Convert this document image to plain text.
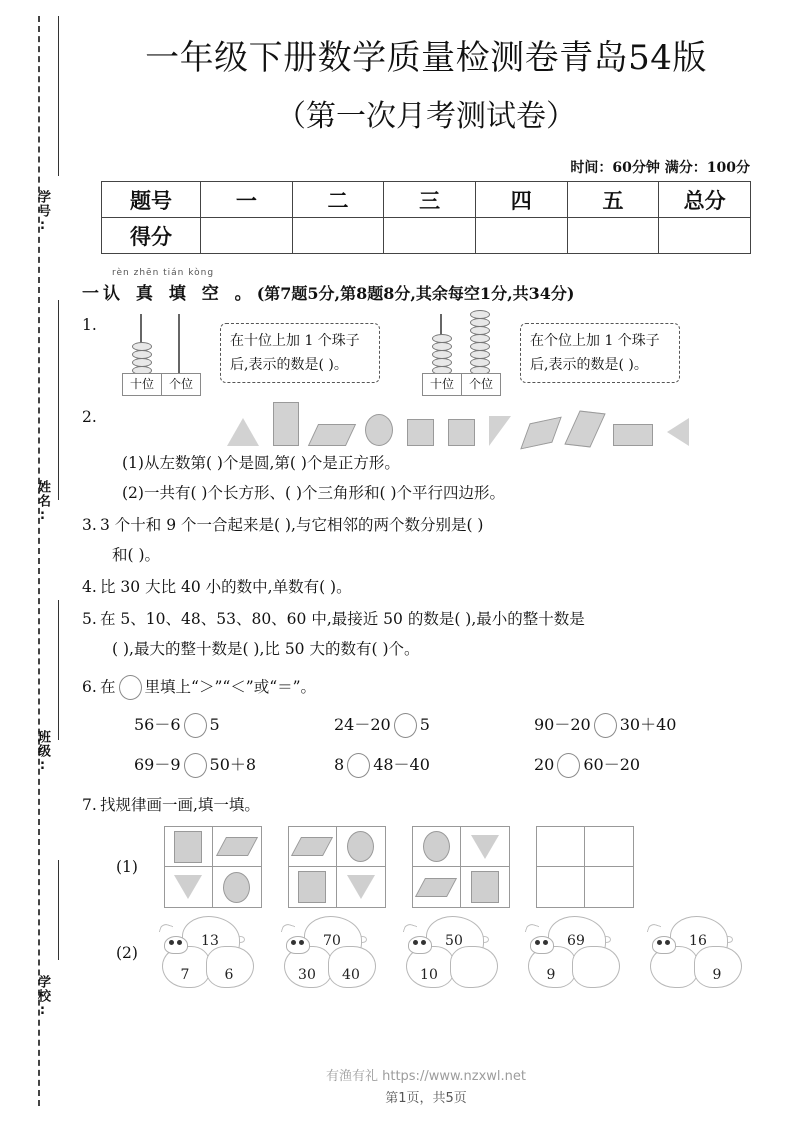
学号:
姓名:
班级:
学校:
一年级下册数学质量检测卷青岛54版
（第一次月考测试卷）
时间：60分钟 满分：100分
题号	一	二	三	四	五	总分
得分						
rèn zhēn tián kòng
一 认 真 填 空 。 (第7题5分,第8题8分,其余每空1分,共34分)
1.
十位	个位
在十位上加 1 个珠子后,表示的数是( )。
十位	个位
在个位上加 1 个珠子后,表示的数是( )。
2.
(1)从左数第( )个是圆,第( )个是正方形。
(2)一共有( )个长方形、( )个三角形和( )个平行四边形。
3. 3 个十和 9 个一合起来是( ),与它相邻的两个数分别是( )
和( )。
4. 比 30 大比 40 小的数中,单数有( )。
5. 在 5、10、48、53、80、60 中,最接近 50 的数是( ),最小的整十数是
( ),最大的整十数是( ),比 50 大的数有( )个。
6. 在 里填上“＞”“＜”或“＝”。
56－6 5	24－20 5	90－20 30＋40
69－9 50＋8	8 48－40	20 60－20
7. 找规律画一画,填一填。
(1)
(2)
13
7	6
70
30	40
50
10
69
9
16
9
有渔有礼 https://www.nzxwl.net
第1页，共5页
